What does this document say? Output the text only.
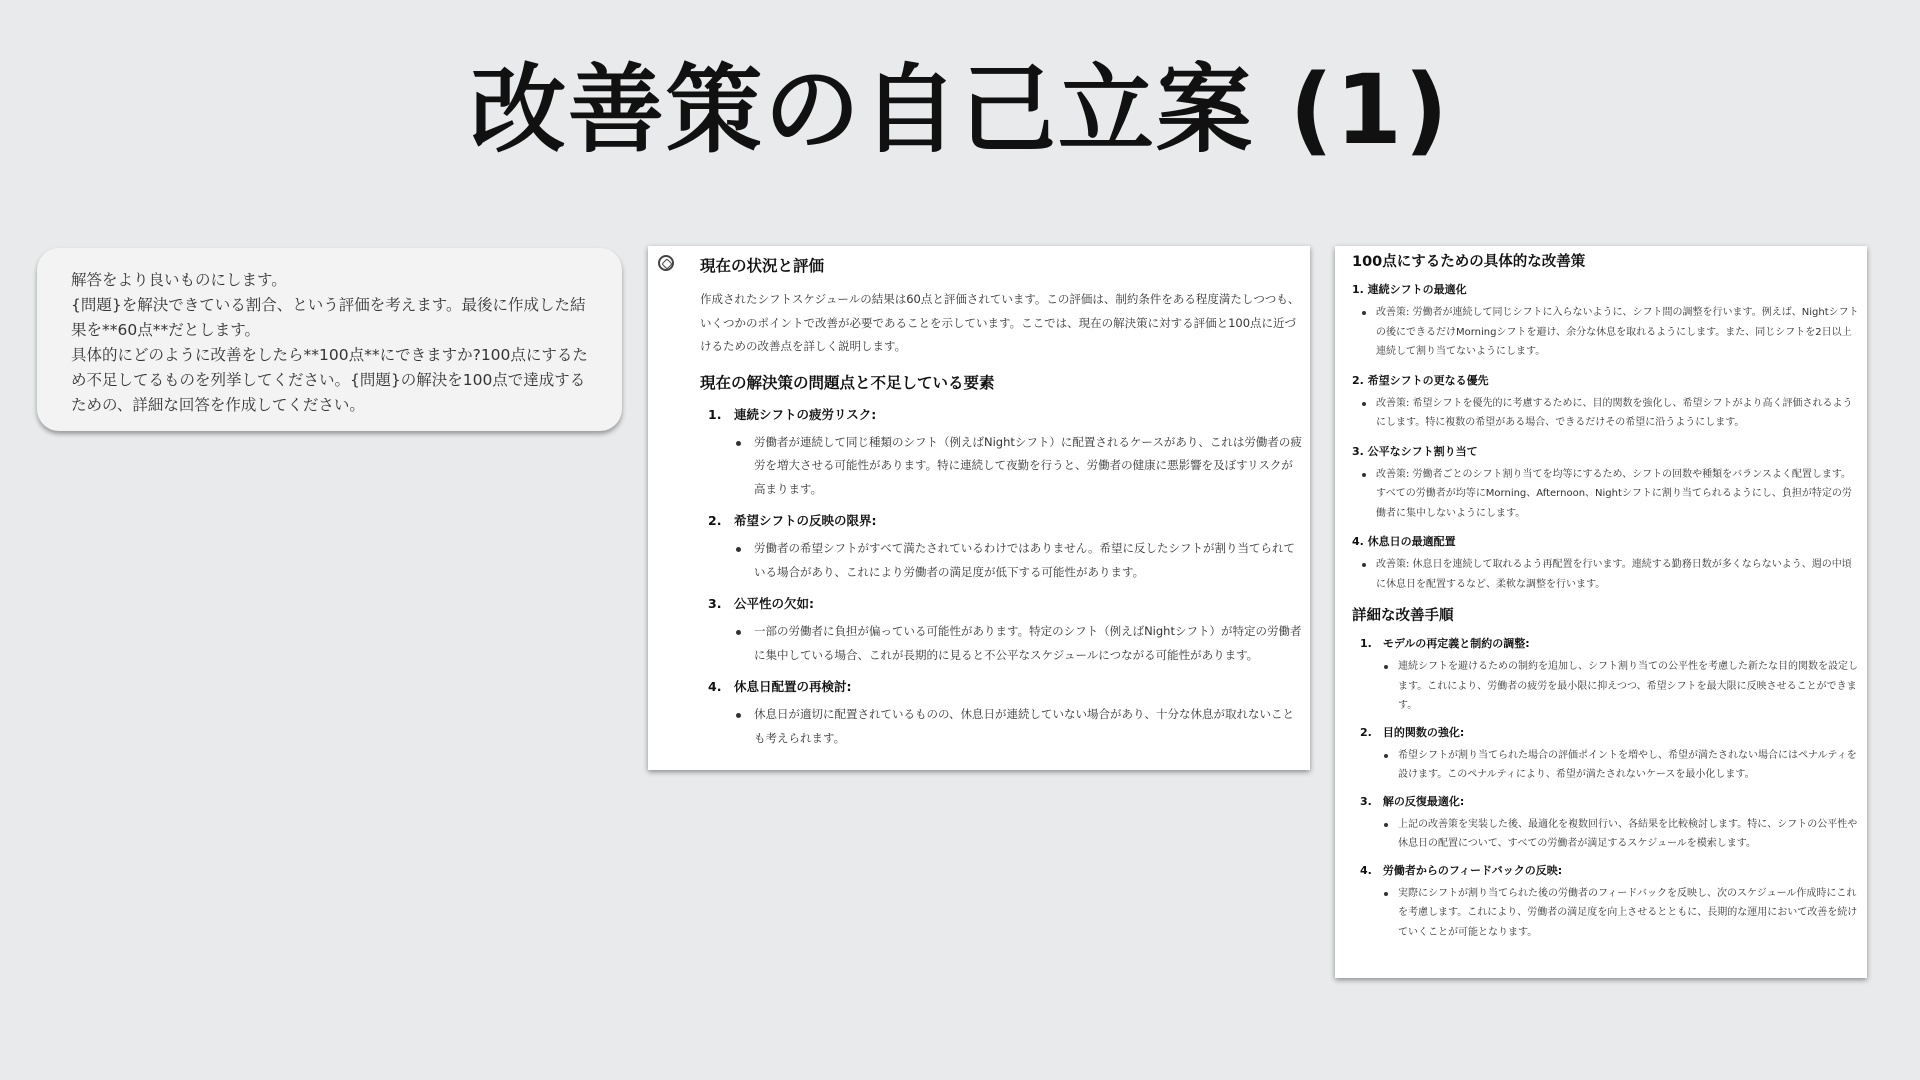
改善策の自己立案 (1)
解答をより良いものにします。
{問題}を解決できている割合、という評価を考えます。最後に作成した結果を**60点**だとします。
具体的にどのように改善をしたら**100点**にできますか?100点にするため不足してるものを列挙してください。{問題}の解決を100点で達成するための、詳細な回答を作成してください。
現在の状況と評価
作成されたシフトスケジュールの結果は60点と評価されています。この評価は、制約条件をある程度満たしつつも、いくつかのポイントで改善が必要であることを示しています。ここでは、現在の解決策に対する評価と100点に近づけるための改善点を詳しく説明します。
現在の解決策の問題点と不足している要素
1.　連続シフトの疲労リスク:
労働者が連続して同じ種類のシフト（例えばNightシフト）に配置されるケースがあり、これは労働者の疲労を増大させる可能性があります。特に連続して夜勤を行うと、労働者の健康に悪影響を及ぼすリスクが高まります。
2.　希望シフトの反映の限界:
労働者の希望シフトがすべて満たされているわけではありません。希望に反したシフトが割り当てられている場合があり、これにより労働者の満足度が低下する可能性があります。
3.　公平性の欠如:
一部の労働者に負担が偏っている可能性があります。特定のシフト（例えばNightシフト）が特定の労働者に集中している場合、これが長期的に見ると不公平なスケジュールにつながる可能性があります。
4.　休息日配置の再検討:
休息日が適切に配置されているものの、休息日が連続していない場合があり、十分な休息が取れないことも考えられます。
100点にするための具体的な改善策
1. 連続シフトの最適化
改善策: 労働者が連続して同じシフトに入らないように、シフト間の調整を行います。例えば、Nightシフトの後にできるだけMorningシフトを避け、余分な休息を取れるようにします。また、同じシフトを2日以上連続して割り当てないようにします。
2. 希望シフトの更なる優先
改善策: 希望シフトを優先的に考慮するために、目的関数を強化し、希望シフトがより高く評価されるようにします。特に複数の希望がある場合、できるだけその希望に沿うようにします。
3. 公平なシフト割り当て
改善策: 労働者ごとのシフト割り当てを均等にするため、シフトの回数や種類をバランスよく配置します。すべての労働者が均等にMorning、Afternoon、Nightシフトに割り当てられるようにし、負担が特定の労働者に集中しないようにします。
4. 休息日の最適配置
改善策: 休息日を連続して取れるよう再配置を行います。連続する勤務日数が多くならないよう、週の中頃に休息日を配置するなど、柔軟な調整を行います。
詳細な改善手順
1.　モデルの再定義と制約の調整:
連続シフトを避けるための制約を追加し、シフト割り当ての公平性を考慮した新たな目的関数を設定します。これにより、労働者の疲労を最小限に抑えつつ、希望シフトを最大限に反映させることができます。
2.　目的関数の強化:
希望シフトが割り当てられた場合の評価ポイントを増やし、希望が満たされない場合にはペナルティを設けます。このペナルティにより、希望が満たされないケースを最小化します。
3.　解の反復最適化:
上記の改善策を実装した後、最適化を複数回行い、各結果を比較検討します。特に、シフトの公平性や休息日の配置について、すべての労働者が満足するスケジュールを模索します。
4.　労働者からのフィードバックの反映:
実際にシフトが割り当てられた後の労働者のフィードバックを反映し、次のスケジュール作成時にこれを考慮します。これにより、労働者の満足度を向上させるとともに、長期的な運用において改善を続けていくことが可能となります。
